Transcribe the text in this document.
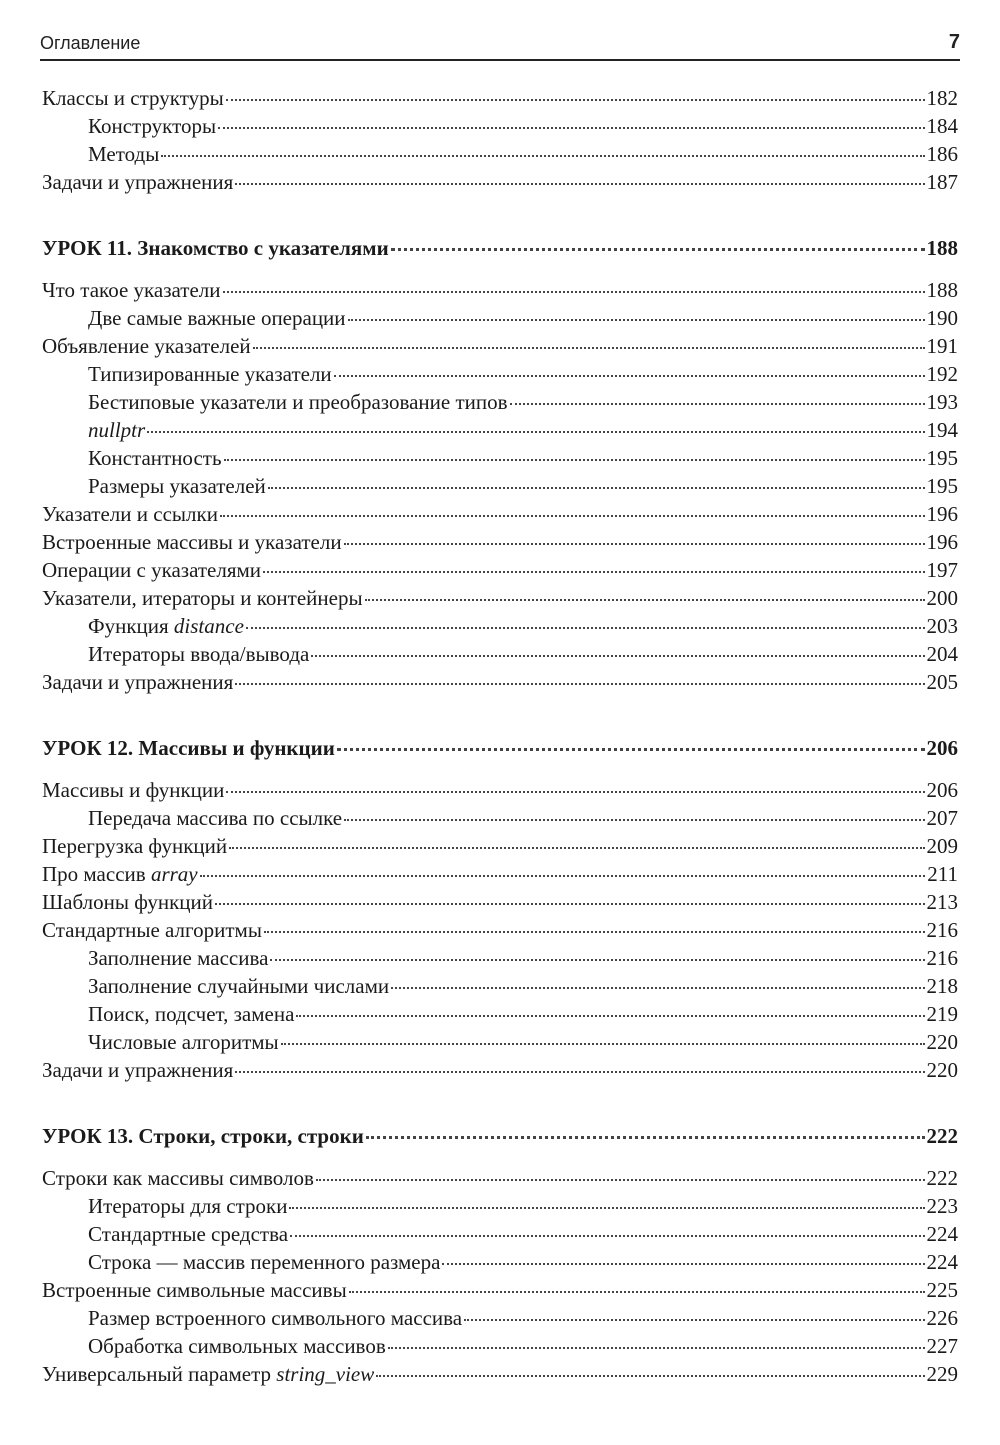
Оглавление	7
Классы и структуры	182
Конструкторы	184
Методы	186
Задачи и упражнения	187
УРОК 11. Знакомство с указателями	188
Что такое указатели	188
Две самые важные операции	190
Объявление указателей	191
Типизированные указатели	192
Бестиповые указатели и преобразование типов	193
nullptr	194
Константность	195
Размеры указателей	195
Указатели и ссылки	196
Встроенные массивы и указатели	196
Операции с указателями	197
Указатели, итераторы и контейнеры	200
Функция distance	203
Итераторы ввода/вывода	204
Задачи и упражнения	205
УРОК 12. Массивы и функции	206
Массивы и функции	206
Передача массива по ссылке	207
Перегрузка функций	209
Про массив array	211
Шаблоны функций	213
Стандартные алгоритмы	216
Заполнение массива	216
Заполнение случайными числами	218
Поиск, подсчет, замена	219
Числовые алгоритмы	220
Задачи и упражнения	220
УРОК 13. Строки, строки, строки	222
Строки как массивы символов	222
Итераторы для строки	223
Стандартные средства	224
Строка — массив переменного размера	224
Встроенные символьные массивы	225
Размер встроенного символьного массива	226
Обработка символьных массивов	227
Универсальный параметр string_view	229
